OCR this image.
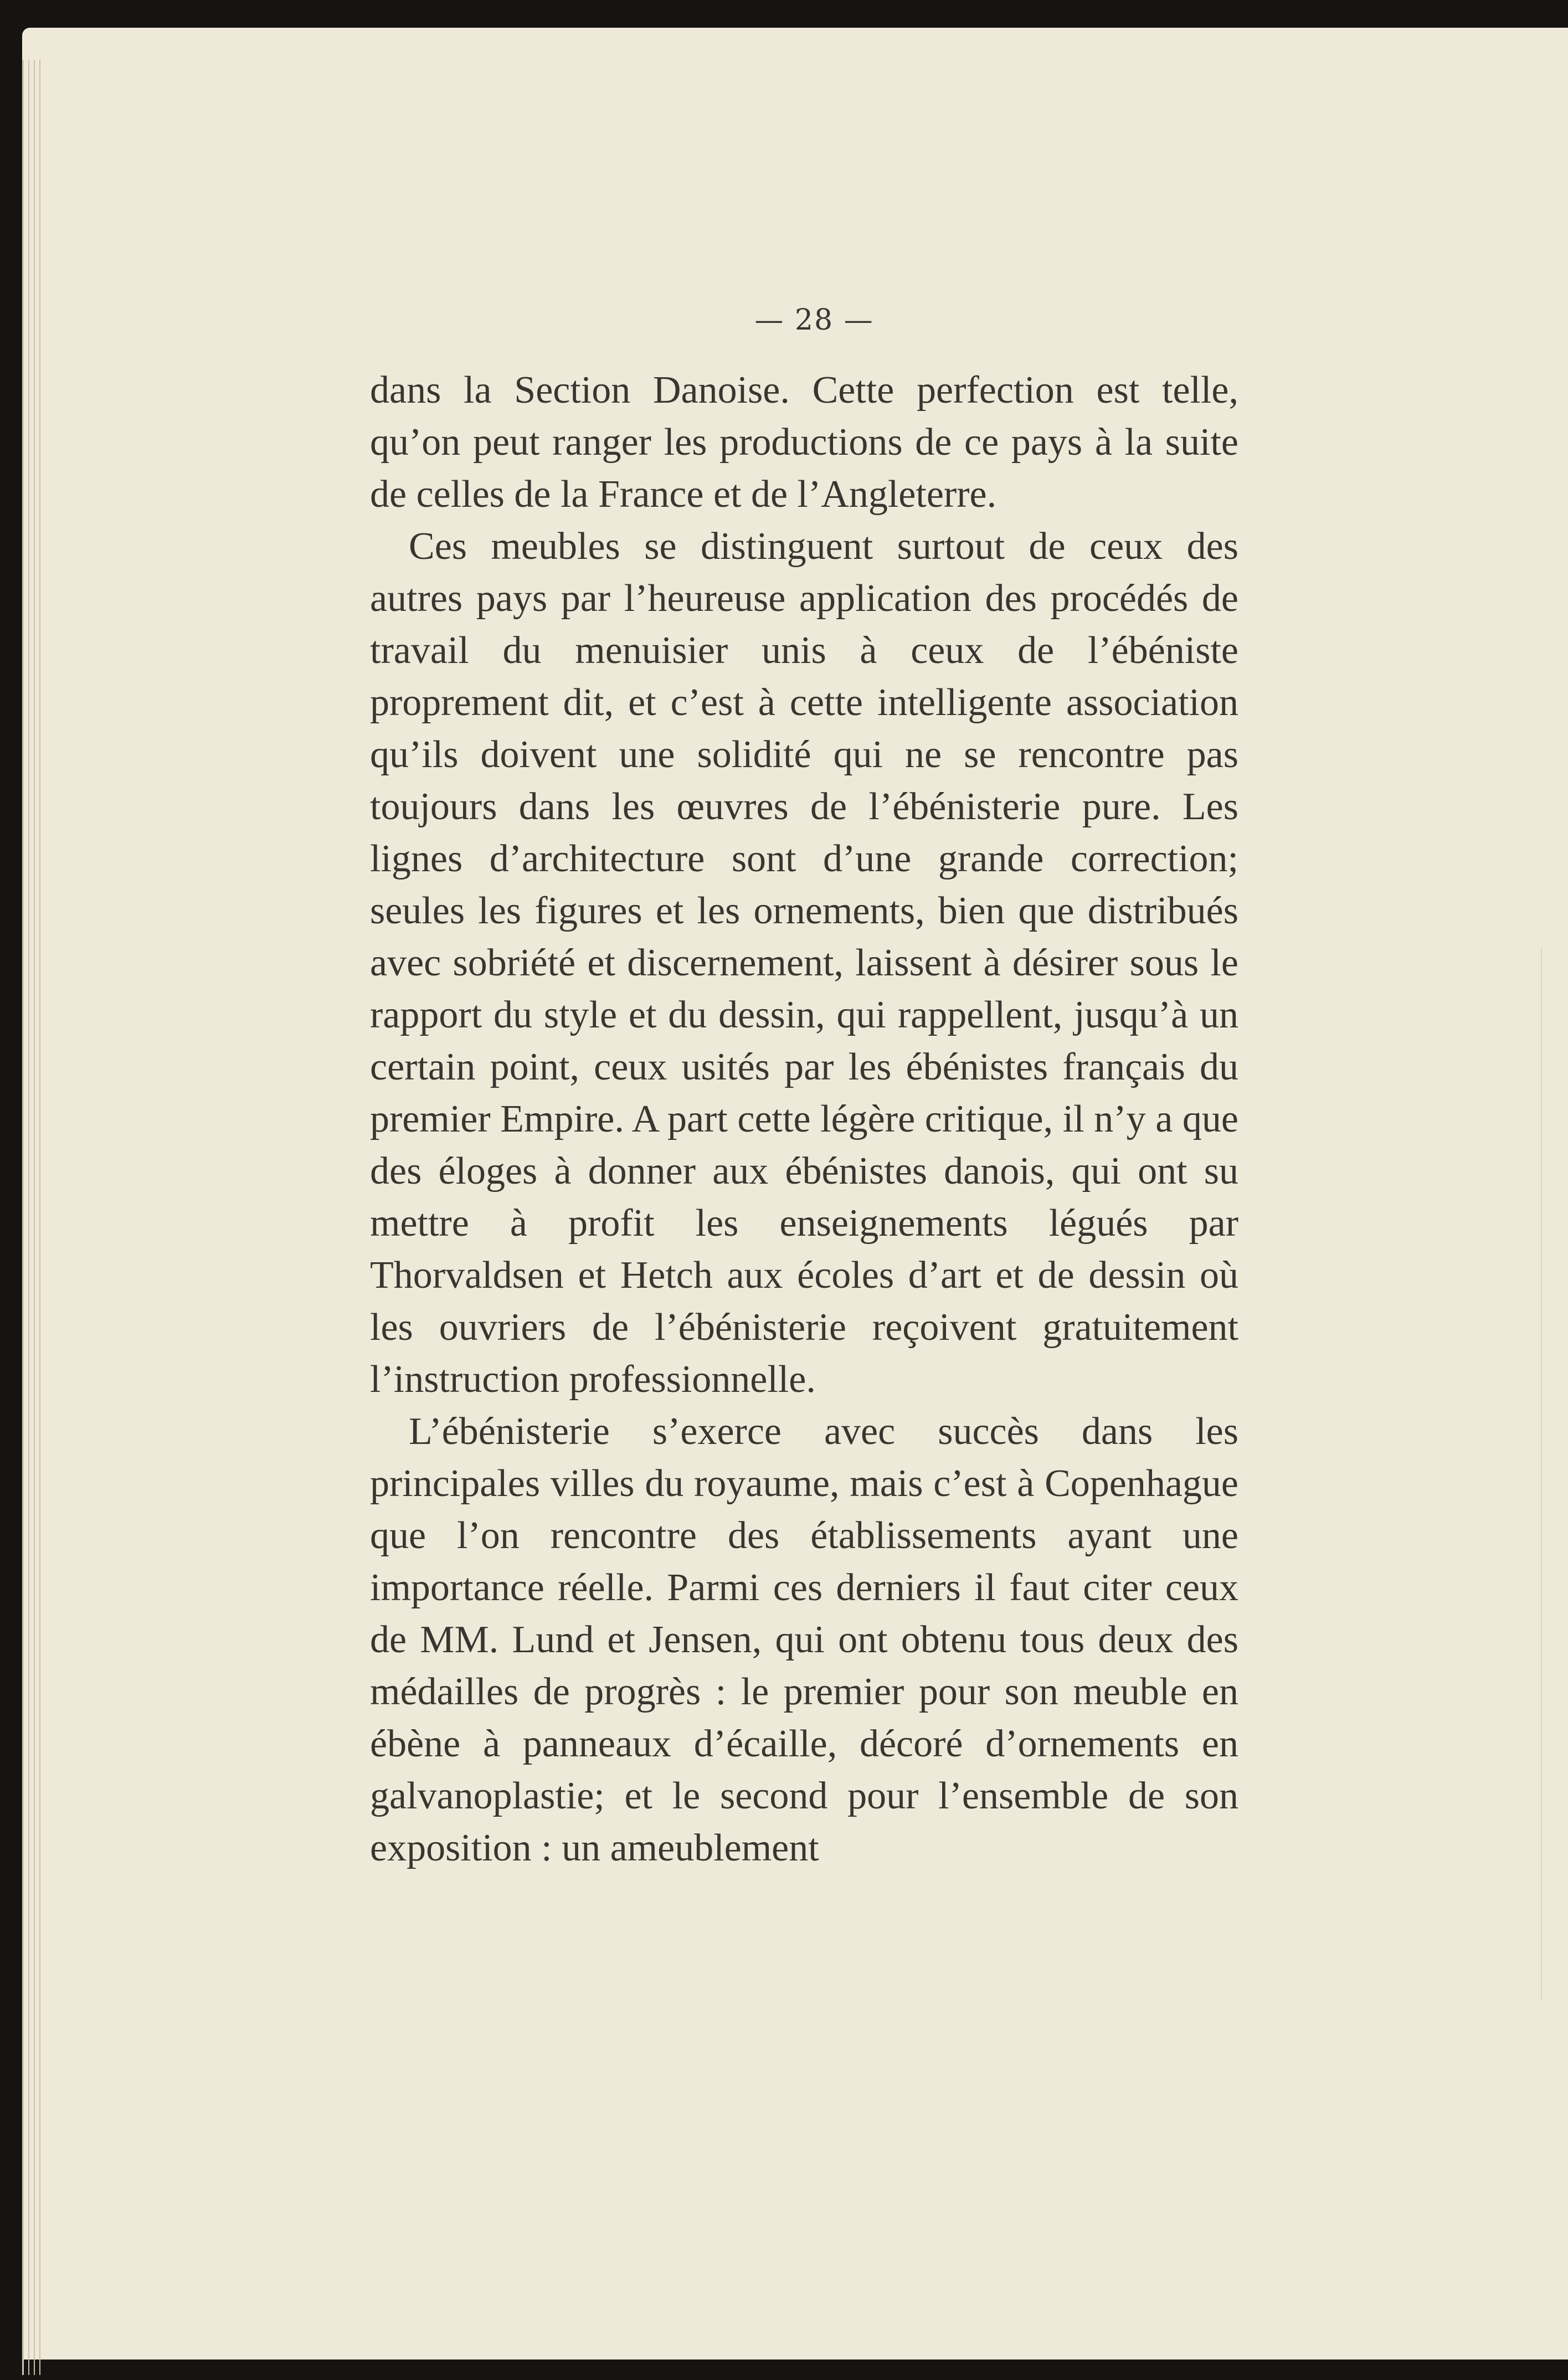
— 28 —

dans la Section Danoise. Cette perfection est telle, qu’on peut ranger les productions de ce pays à la suite de celles de la France et de l’Angleterre.

Ces meubles se distinguent surtout de ceux des autres pays par l’heureuse application des procédés de travail du menuisier unis à ceux de l’ébéniste proprement dit, et c’est à cette intelligente association qu’ils doivent une solidité qui ne se rencontre pas toujours dans les œuvres de l’ébénisterie pure. Les lignes d’architecture sont d’une grande correction; seules les figures et les ornements, bien que distribués avec sobriété et discernement, laissent à désirer sous le rapport du style et du dessin, qui rappellent, jusqu’à un certain point, ceux usités par les ébénistes français du premier Empire. A part cette légère critique, il n’y a que des éloges à donner aux ébénistes danois, qui ont su mettre à profit les enseignements légués par Thorvaldsen et Hetch aux écoles d’art et de dessin où les ouvriers de l’ébénisterie reçoivent gratuitement l’instruction professionnelle.

L’ébénisterie s’exerce avec succès dans les principales villes du royaume, mais c’est à Copenhague que l’on rencontre des établissements ayant une importance réelle. Parmi ces derniers il faut citer ceux de MM. Lund et Jensen, qui ont obtenu tous deux des médailles de progrès : le premier pour son meuble en ébène à panneaux d’écaille, décoré d’ornements en galvanoplastie; et le second pour l’ensemble de son exposition : un ameublement
